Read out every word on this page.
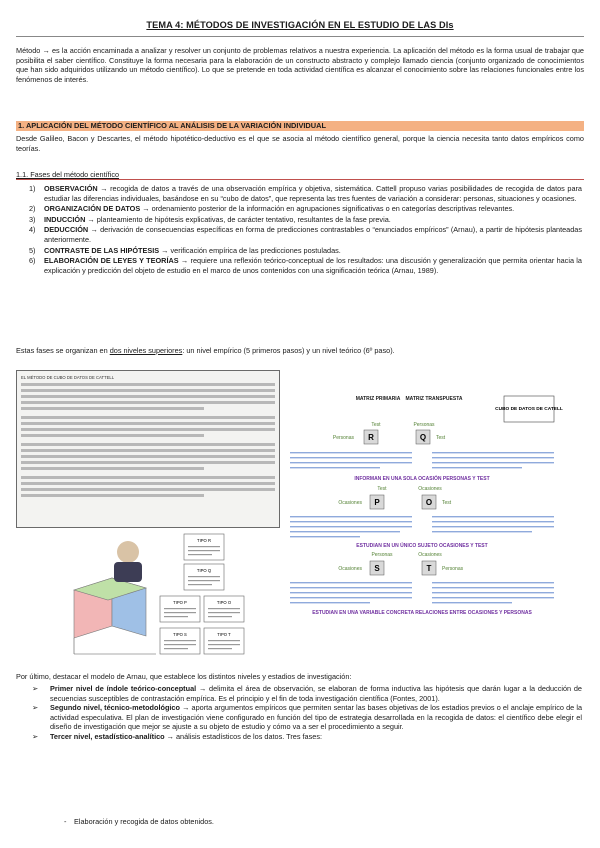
TEMA 4: MÉTODOS DE INVESTIGACIÓN EN EL ESTUDIO DE LAS DIs
Método → es la acción encaminada a analizar y resolver un conjunto de problemas relativos a nuestra experiencia. La aplicación del método es la forma usual de trabajar que posibilita el saber científico. Constituye la forma necesaria para la elaboración de un constructo abstracto y complejo llamado ciencia (conjunto organizado de conocimientos que han sido adquiridos utilizando un método científico). Lo que se pretende en toda actividad científica es alcanzar el conocimiento sobre las relaciones funcionales entre los fenómenos de interés.
1. APLICACIÓN DEL MÉTODO CIENTÍFICO AL ANÁLISIS DE LA VARIACIÓN INDIVIDUAL
Desde Galileo, Bacon y Descartes, el método hipotético-deductivo es el que se asocia al método científico general, porque la ciencia necesita tanto datos empíricos como teorías.
1.1. Fases del método científico
1) OBSERVACIÓN → recogida de datos a través de una observación empírica y objetiva, sistemática. Cattell propuso varias posibilidades de recogida de datos para estudiar las diferencias individuales, basándose en su “cubo de datos”, que representa las tres fuentes de variación a considerar: personas, situaciones y ocasiones.
2) ORGANIZACIÓN DE DATOS → ordenamiento posterior de la información en agrupaciones significativas o en categorías descriptivas relevantes.
3) INDUCCIÓN → planteamiento de hipótesis explicativas, de carácter tentativo, resultantes de la fase previa.
4) DEDUCCIÓN → derivación de consecuencias específicas en forma de predicciones contrastables o “enunciados empíricos” (Arnau), a partir de hipótesis planteadas anteriormente.
5) CONTRASTE DE LAS HIPÓTESIS → verificación empírica de las predicciones postuladas.
6) ELABORACIÓN DE LEYES Y TEORÍAS → requiere una reflexión teórico-conceptual de los resultados: una discusión y generalización que permita orientar hacia la explicación y predicción del objeto de estudio en el marco de unos contenidos con una significación teórica (Arnau, 1989).
Estas fases se organizan en dos niveles superiores: un nivel empírico (5 primeros pasos) y un nivel teórico (6º paso).
EL MÉTODO DE CUBO DE DATOS DE CATTELL
TIPO R
TIPO Q
TIPO P	TIPO O
TIPO S	TIPO T
MATRIZ PRIMARIA MATRIZ TRANSPUESTA
CUBO DE DATOS DE CATELL
Test
Personas R
Personas
Q Test
INFORMAN EN UNA SOLA OCASIÓN PERSONAS Y TEST
Test
Ocasiones P
Ocasiones
O Test
ESTUDIAN EN UN ÚNICO SUJETO OCASIONES Y TEST
Personas
Ocasiones S
Ocasiones
T Personas
ESTUDIAN EN UNA VARIABLE CONCRETA RELACIONES ENTRE OCASIONES Y PERSONAS
Por último, destacar el modelo de Arnau, que establece los distintos niveles y estadios de investigación:
➢ Primer nivel de índole teórico-conceptual → delimita el área de observación, se elaboran de forma inductiva las hipótesis que darán lugar a la deducción de secuencias susceptibles de contrastación empírica. Es el principio y el fin de toda investigación científica (Fontes, 2001).
➢ Segundo nivel, técnico-metodológico → aporta argumentos empíricos que permiten sentar las bases objetivas de los estadios previos o el anclaje empírico de la actividad especulativa. El plan de investigación viene configurado en función del tipo de estrategia desarrollada en la recogida de datos: el científico debe elegir el diseño de investigación que mejor se ajuste a su objeto de estudio y cómo va a ser el procedimiento a seguir.
➢ Tercer nivel, estadístico-analítico → análisis estadísticos de los datos. Tres fases:
- Elaboración y recogida de datos obtenidos.
